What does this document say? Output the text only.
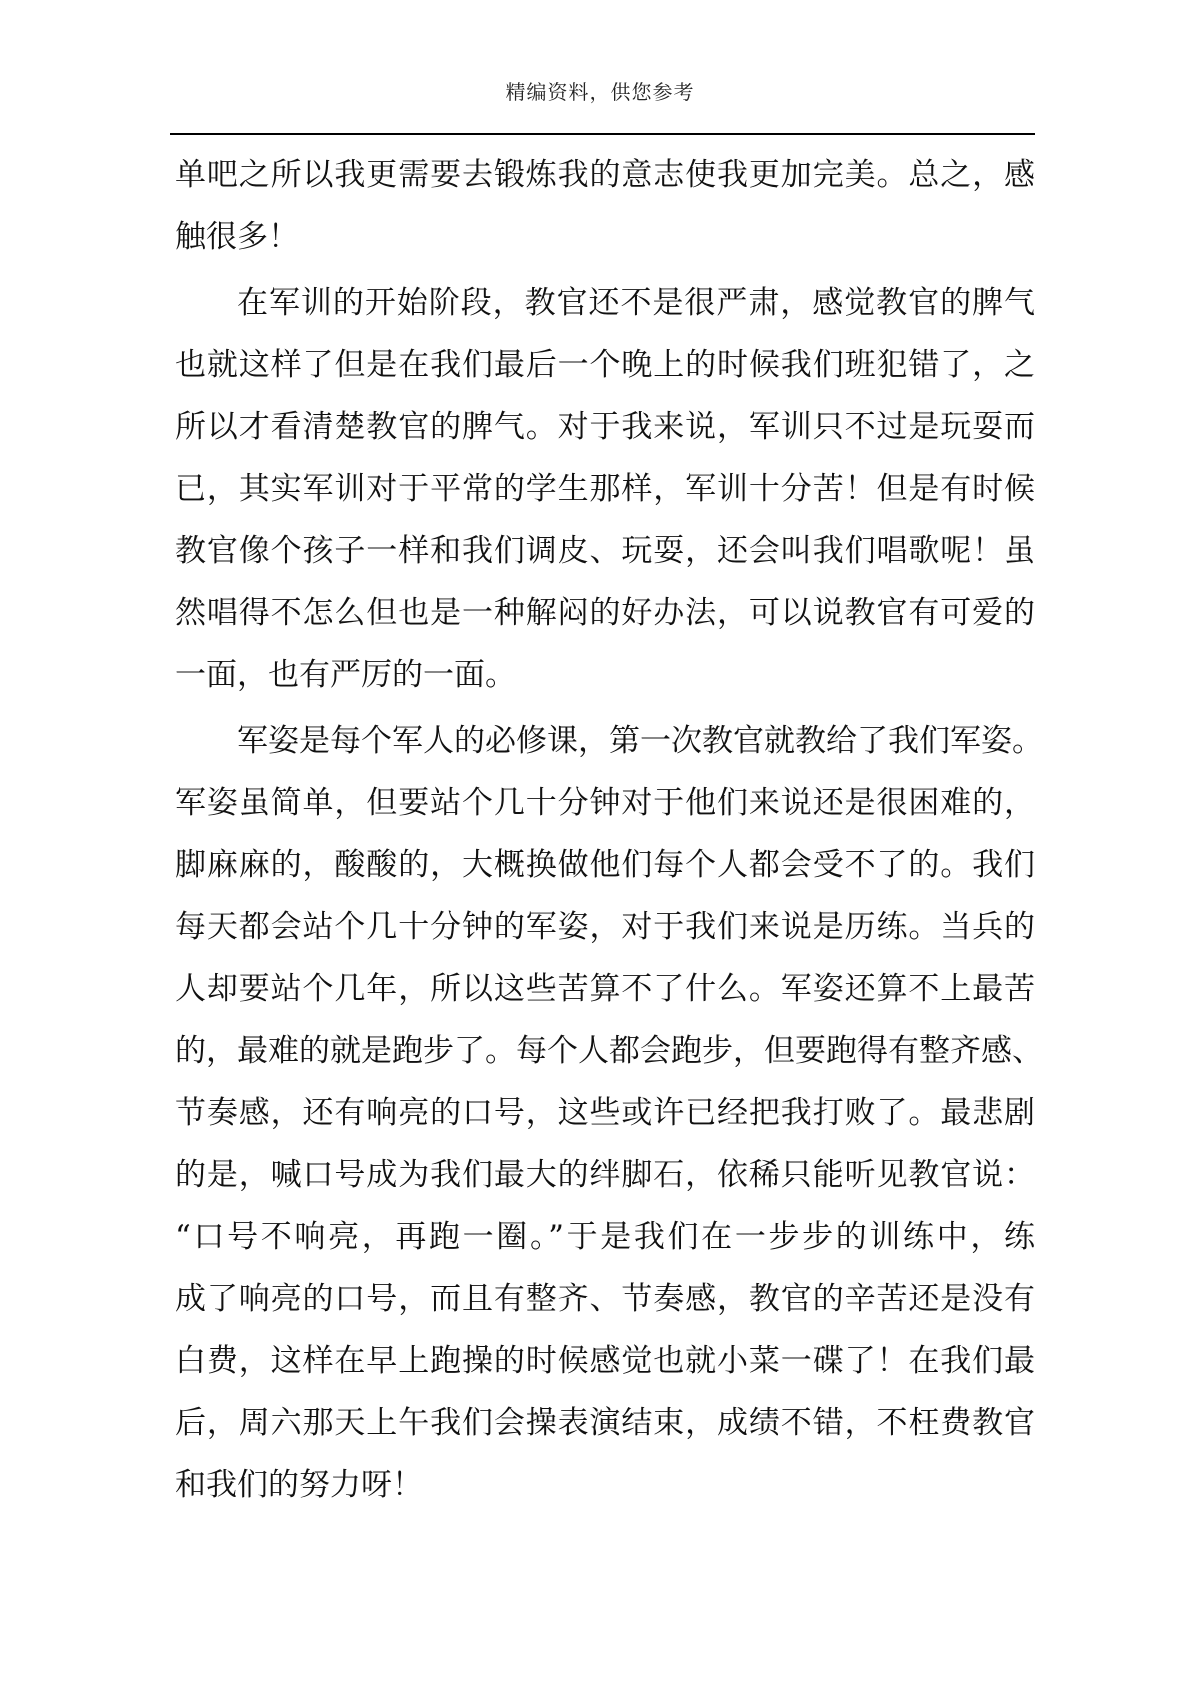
精编资料，供您参考
单吧之所以我更需要去锻炼我的意志使我更加完美。总之，感
触很多！
在军训的开始阶段，教官还不是很严肃，感觉教官的脾气
也就这样了但是在我们最后一个晚上的时候我们班犯错了，之
所以才看清楚教官的脾气。对于我来说，军训只不过是玩耍而
已，其实军训对于平常的学生那样，军训十分苦！但是有时候
教官像个孩子一样和我们调皮、玩耍，还会叫我们唱歌呢！虽
然唱得不怎么但也是一种解闷的好办法，可以说教官有可爱的
一面，也有严厉的一面。
军姿是每个军人的必修课，第一次教官就教给了我们军姿。
军姿虽简单，但要站个几十分钟对于他们来说还是很困难的，
脚麻麻的，酸酸的，大概换做他们每个人都会受不了的。我们
每天都会站个几十分钟的军姿，对于我们来说是历练。当兵的
人却要站个几年，所以这些苦算不了什么。军姿还算不上最苦
的，最难的就是跑步了。每个人都会跑步，但要跑得有整齐感、
节奏感，还有响亮的口号，这些或许已经把我打败了。最悲剧
的是，喊口号成为我们最大的绊脚石，依稀只能听见教官说：
“口号不响亮，再跑一圈。”于是我们在一步步的训练中，练
成了响亮的口号，而且有整齐、节奏感，教官的辛苦还是没有
白费，这样在早上跑操的时候感觉也就小菜一碟了！在我们最
后，周六那天上午我们会操表演结束，成绩不错，不枉费教官
和我们的努力呀！
